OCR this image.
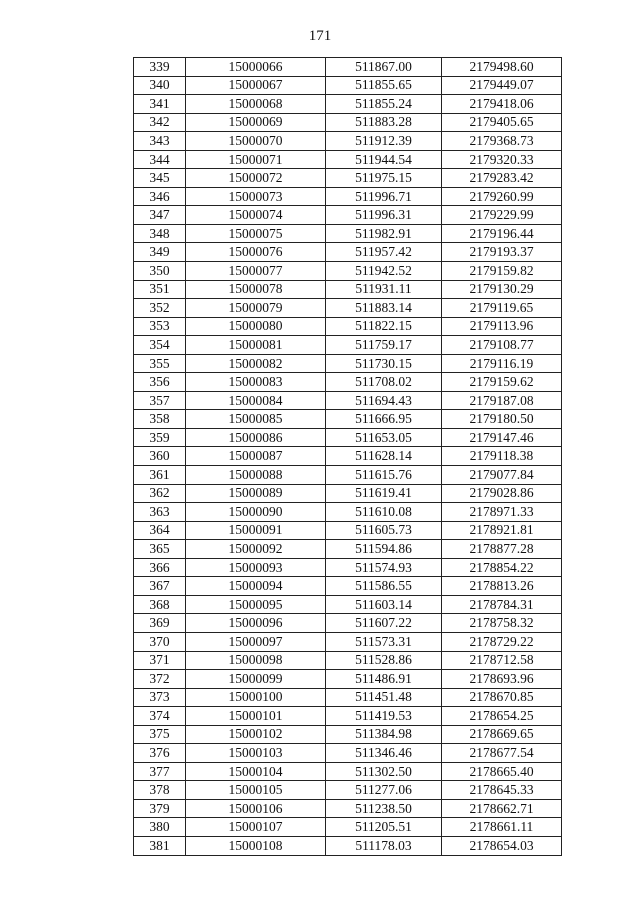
171
339	15000066	511867.00	2179498.60
340	15000067	511855.65	2179449.07
341	15000068	511855.24	2179418.06
342	15000069	511883.28	2179405.65
343	15000070	511912.39	2179368.73
344	15000071	511944.54	2179320.33
345	15000072	511975.15	2179283.42
346	15000073	511996.71	2179260.99
347	15000074	511996.31	2179229.99
348	15000075	511982.91	2179196.44
349	15000076	511957.42	2179193.37
350	15000077	511942.52	2179159.82
351	15000078	511931.11	2179130.29
352	15000079	511883.14	2179119.65
353	15000080	511822.15	2179113.96
354	15000081	511759.17	2179108.77
355	15000082	511730.15	2179116.19
356	15000083	511708.02	2179159.62
357	15000084	511694.43	2179187.08
358	15000085	511666.95	2179180.50
359	15000086	511653.05	2179147.46
360	15000087	511628.14	2179118.38
361	15000088	511615.76	2179077.84
362	15000089	511619.41	2179028.86
363	15000090	511610.08	2178971.33
364	15000091	511605.73	2178921.81
365	15000092	511594.86	2178877.28
366	15000093	511574.93	2178854.22
367	15000094	511586.55	2178813.26
368	15000095	511603.14	2178784.31
369	15000096	511607.22	2178758.32
370	15000097	511573.31	2178729.22
371	15000098	511528.86	2178712.58
372	15000099	511486.91	2178693.96
373	15000100	511451.48	2178670.85
374	15000101	511419.53	2178654.25
375	15000102	511384.98	2178669.65
376	15000103	511346.46	2178677.54
377	15000104	511302.50	2178665.40
378	15000105	511277.06	2178645.33
379	15000106	511238.50	2178662.71
380	15000107	511205.51	2178661.11
381	15000108	511178.03	2178654.03
